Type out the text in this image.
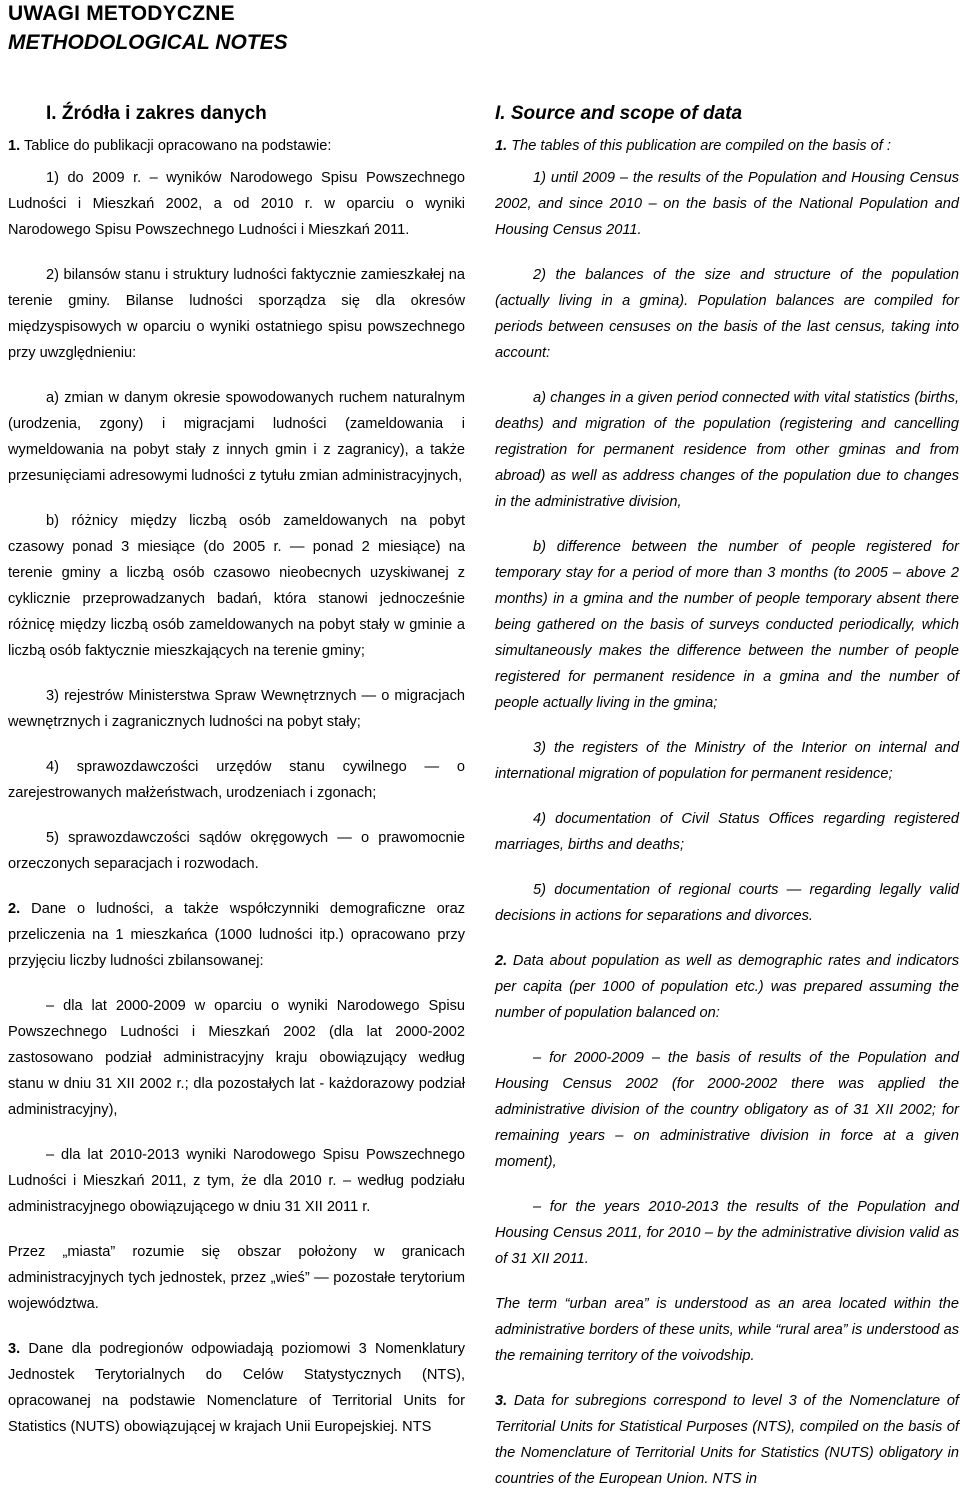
UWAGI METODYCZNE
METHODOLOGICAL NOTES
I. Źródła i zakres danych

1. Tablice do publikacji opracowano na podstawie:

1) do 2009 r. – wyników Narodowego Spisu Powszechnego Ludności i Mieszkań 2002, a od 2010 r. w oparciu o wyniki Narodowego Spisu Powszechnego Ludności i Mieszkań 2011.

2) bilansów stanu i struktury ludności faktycznie zamieszkałej na terenie gminy. Bilanse ludności sporządza się dla okresów międzyspisowych w oparciu o wyniki ostatniego spisu powszechnego przy uwzględnieniu:

a) zmian w danym okresie spowodowanych ruchem naturalnym (urodzenia, zgony) i migracjami ludności (zameldowania i wymeldowania na pobyt stały z innych gmin i z zagranicy), a także przesunięciami adresowymi ludności z tytułu zmian administracyjnych,

b) różnicy między liczbą osób zameldowanych na pobyt czasowy ponad 3 miesiące (do 2005 r. — ponad 2 miesiące) na terenie gminy a liczbą osób czasowo nieobecnych uzyskiwanej z cyklicznie przeprowadzanych badań, która stanowi jednocześnie różnicę między liczbą osób zameldowanych na pobyt stały w gminie a liczbą osób faktycznie mieszkających na terenie gminy;

3) rejestrów Ministerstwa Spraw Wewnętrznych — o migracjach wewnętrznych i zagranicznych ludności na pobyt stały;

4) sprawozdawczości urzędów stanu cywilnego — o zarejestrowanych małżeństwach, urodzeniach i zgonach;

5) sprawozdawczości sądów okręgowych — o prawomocnie orzeczonych separacjach i rozwodach.

2. Dane o ludności, a także współczynniki demograficzne oraz przeliczenia na 1 mieszkańca (1000 ludności itp.) opracowano przy przyjęciu liczby ludności zbilansowanej:

– dla lat 2000-2009 w oparciu o wyniki Narodowego Spisu Powszechnego Ludności i Mieszkań 2002 (dla lat 2000-2002 zastosowano podział administracyjny kraju obowiązujący według stanu w dniu 31 XII 2002 r.; dla pozostałych lat - każdorazowy podział administracyjny),

– dla lat 2010-2013 wyniki Narodowego Spisu Powszechnego Ludności i Mieszkań 2011, z tym, że dla 2010 r. – według podziału administracyjnego obowiązującego w dniu 31 XII 2011 r.

Przez „miasta” rozumie się obszar położony w granicach administracyjnych tych jednostek, przez „wieś” — pozostałe terytorium województwa.

3. Dane dla podregionów odpowiadają poziomowi 3 Nomenklatury Jednostek Terytorialnych do Celów Statystycznych (NTS), opracowanej na podstawie Nomenclature of Territorial Units for Statistics (NUTS) obowiązującej w krajach Unii Europejskiej. NTS

I. Source and scope of data

1. The tables of this publication are compiled on the basis of :

1) until 2009 – the results of the Population and Housing Census 2002, and since 2010 – on the basis of the National Population and Housing Census 2011.

2) the balances of the size and structure of the population (actually living in a gmina). Population balances are compiled for periods between censuses on the basis of the last census, taking into account:

a) changes in a given period connected with vital statistics (births, deaths) and migration of the population (registering and cancelling registration for permanent residence from other gminas and from abroad) as well as address changes of the population due to changes in the administrative division,

b) difference between the number of people registered for temporary stay for a period of more than 3 months (to 2005 – above 2 months) in a gmina and the number of people temporary absent there being gathered on the basis of surveys conducted periodically, which simultaneously makes the difference between the number of people registered for permanent residence in a gmina and the number of people actually living in the gmina;

3) the registers of the Ministry of the Interior on internal and international migration of population for permanent residence;

4) documentation of Civil Status Offices regarding registered marriages, births and deaths;

5) documentation of regional courts — regarding legally valid decisions in actions for separations and divorces.

2. Data about population as well as demographic rates and indicators per capita (per 1000 of population etc.) was prepared assuming the number of population balanced on:

– for 2000-2009 – the basis of results of the Population and Housing Census 2002 (for 2000-2002 there was applied the administrative division of the country obligatory as of 31 XII 2002; for remaining years – on administrative division in force at a given moment),

– for the years 2010-2013 the results of the Population and Housing Census 2011, for 2010 – by the administrative division valid as of 31 XII 2011.

The term “urban area” is understood as an area located within the administrative borders of these units, while “rural area” is understood as the remaining territory of the voivodship.

3. Data for subregions correspond to level 3 of the Nomenclature of Territorial Units for Statistical Purposes (NTS), compiled on the basis of the Nomenclature of Territorial Units for Statistics (NUTS) obligatory in countries of the European Union. NTS in
